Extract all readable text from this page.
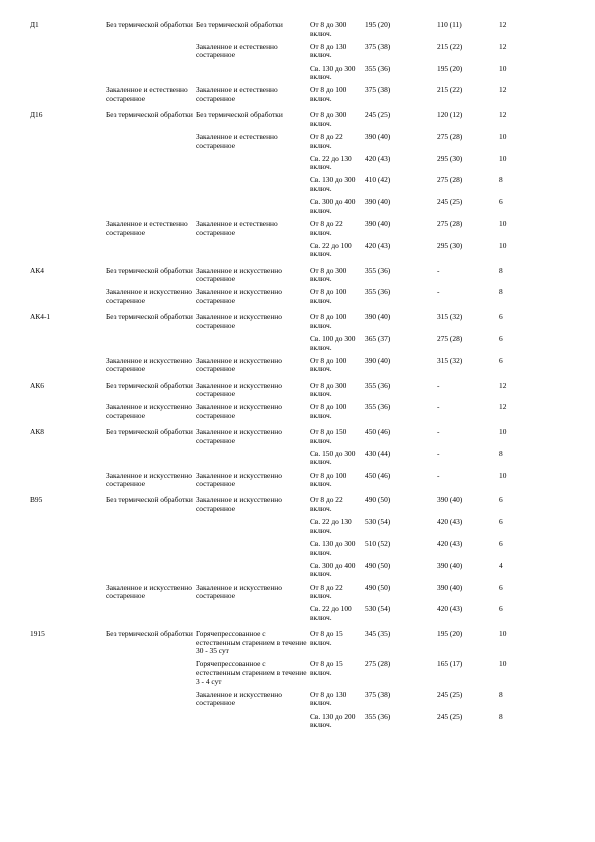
Д1	Без термической обработки	Без термической обработки	От 8 до 300 включ.	195 (20)	110 (11)	12
		Закаленное и естественно состаренное	От 8 до 130 включ.	375 (38)	215 (22)	12
			Св. 130 до 300 включ.	355 (36)	195 (20)	10
	Закаленное и естественно состаренное	Закаленное и естественно состаренное	От 8 до 100 включ.	375 (38)	215 (22)	12
Д16	Без термической обработки	Без термической обработки	От 8 до 300 включ.	245 (25)	120 (12)	12
		Закаленное и естественно состаренное	От 8 до 22 включ.	390 (40)	275 (28)	10
			Св. 22 до 130 включ.	420 (43)	295 (30)	10
			Св. 130 до 300 включ.	410 (42)	275 (28)	8
			Св. 300 до 400 включ.	390 (40)	245 (25)	6
	Закаленное и естественно состаренное	Закаленное и естественно состаренное	От 8 до 22 включ.	390 (40)	275 (28)	10
			Св. 22 до 100 включ.	420 (43)	295 (30)	10
АК4	Без термической обработки	Закаленное и искусственно состаренное	От 8 до 300 включ.	355 (36)	-	8
	Закаленное и искусственно состаренное	Закаленное и искусственно состаренное	От 8 до 100 включ.	355 (36)	-	8
АК4-1	Без термической обработки	Закаленное и искусственно состаренное	От 8 до 100 включ.	390 (40)	315 (32)	6
			Св. 100 до 300 включ.	365 (37)	275 (28)	6
	Закаленное и искусственно состаренное	Закаленное и искусственно состаренное	От 8 до 100 включ.	390 (40)	315 (32)	6
АК6	Без термической обработки	Закаленное и искусственно состаренное	От 8 до 300 включ.	355 (36)	-	12
	Закаленное и искусственно состаренное	Закаленное и искусственно состаренное	От 8 до 100 включ.	355 (36)	-	12
АК8	Без термической обработки	Закаленное и искусственно состаренное	От 8 до 150 включ.	450 (46)	-	10
			Св. 150 до 300 включ.	430 (44)	-	8
	Закаленное и искусственно состаренное	Закаленное и искусственно состаренное	От 8 до 100 включ.	450 (46)	-	10
В95	Без термической обработки	Закаленное и искусственно состаренное	От 8 до 22 включ.	490 (50)	390 (40)	6
			Св. 22 до 130 включ.	530 (54)	420 (43)	6
			Св. 130 до 300 включ.	510 (52)	420 (43)	6
			Св. 300 до 400 включ.	490 (50)	390 (40)	4
	Закаленное и искусственно состаренное	Закаленное и искусственно состаренное	От 8 до 22 включ.	490 (50)	390 (40)	6
			Св. 22 до 100 включ.	530 (54)	420 (43)	6
1915	Без термической обработки	Горячепрессованное с естественным старением в течение 30 - 35 сут	От 8 до 15 включ.	345 (35)	195 (20)	10
		Горячепрессованное с естественным старением в течение 3 - 4 сут	От 8 до 15 включ.	275 (28)	165 (17)	10
		Закаленное и искусственно состаренное	От 8 до 130 включ.	375 (38)	245 (25)	8
			Св. 130 до 200 включ.	355 (36)	245 (25)	8
